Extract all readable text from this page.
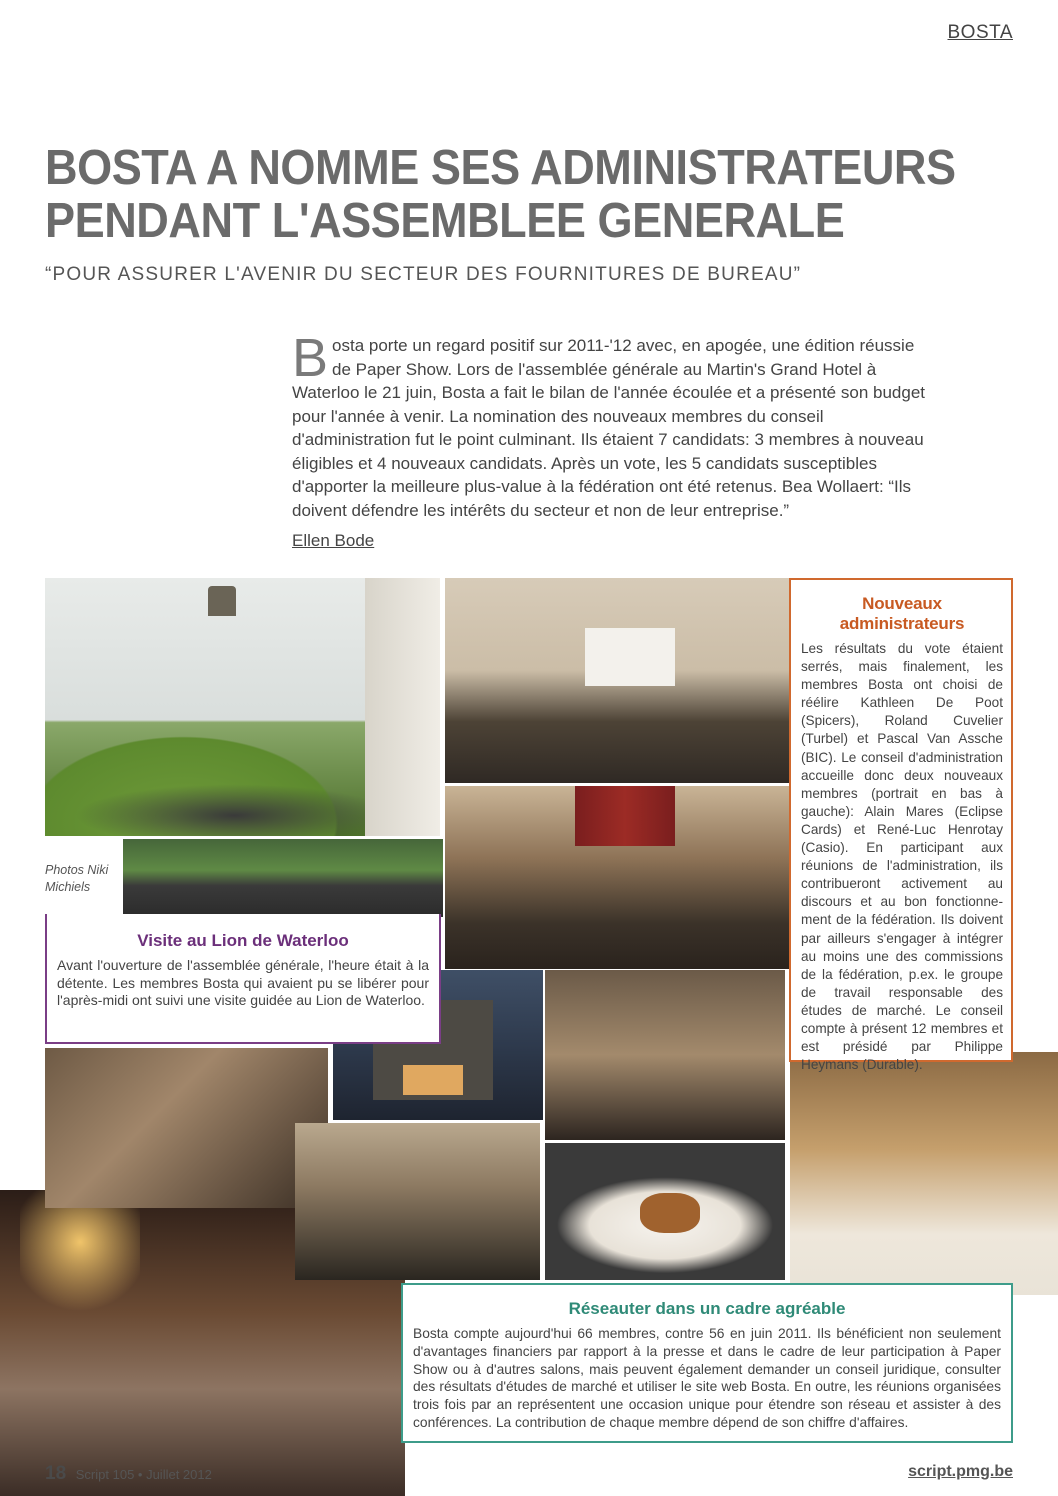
BOSTA
BOSTA A NOMME SES ADMINISTRATEURS PENDANT L'ASSEMBLEE GENERALE
“POUR ASSURER L'AVENIR DU SECTEUR DES FOURNITURES DE BUREAU”

Bosta porte un regard positif sur 2011-'12 avec, en apogée, une édition réussie de Paper Show. Lors de l'assemblée générale au Martin's Grand Hotel à Waterloo le 21 juin, Bosta a fait le bilan de l'année écoulée et a présenté son budget pour l'année à venir. La nomination des nouveaux membres du conseil d'administration fut le point culminant. Ils étaient 7 candidats: 3 membres à nouveau éligibles et 4 nouveaux candidats. Après un vote, les 5 candidats susceptibles d'apporter la meilleure plus-value à la fédération ont été retenus. Bea Wollaert: “Ils doivent défendre les intérêts du secteur et non de leur entreprise.”

Ellen Bode
Photos Niki Michiels
Nouveaux administrateurs

Les résultats du vote étaient serrés, mais finalement, les membres Bosta ont choisi de réélire Kathleen De Poot (Spicers), Roland Cuvelier (Turbel) et Pascal Van Assche (BIC). Le conseil d'administration accueille donc deux nouveaux membres (portrait en bas à gauche): Alain Mares (Eclipse Cards) et René-Luc Henrotay (Casio). En participant aux réunions de l'administration, ils contribueront activement au discours et au bon fonctionne-ment de la fédération. Ils doivent par ailleurs s'engager à intégrer au moins une des commissions de la fédération, p.ex. le groupe de travail responsable des études de marché. Le conseil compte à présent 12 membres et est présidé par Philippe Heymans (Durable).

Visite au Lion de Waterloo

Avant l'ouverture de l'assemblée générale, l'heure était à la détente. Les membres Bosta qui avaient pu se libérer pour l'après-midi ont suivi une visite guidée au Lion de Waterloo.

Réseauter dans un cadre agréable

Bosta compte aujourd'hui 66 membres, contre 56 en juin 2011. Ils bénéficient non seulement d'avantages financiers par rapport à la presse et dans le cadre de leur participation à Paper Show ou à d'autres salons, mais peuvent également demander un conseil juridique, consulter des résultats d'études de marché et utiliser le site web Bosta. En outre, les réunions organisées trois fois par an représentent une occasion unique pour étendre son réseau et assister à des conférences. La contribution de chaque membre dépend de son chiffre d'affaires.

18 Script 105 • Juillet 2012	script.pmg.be
